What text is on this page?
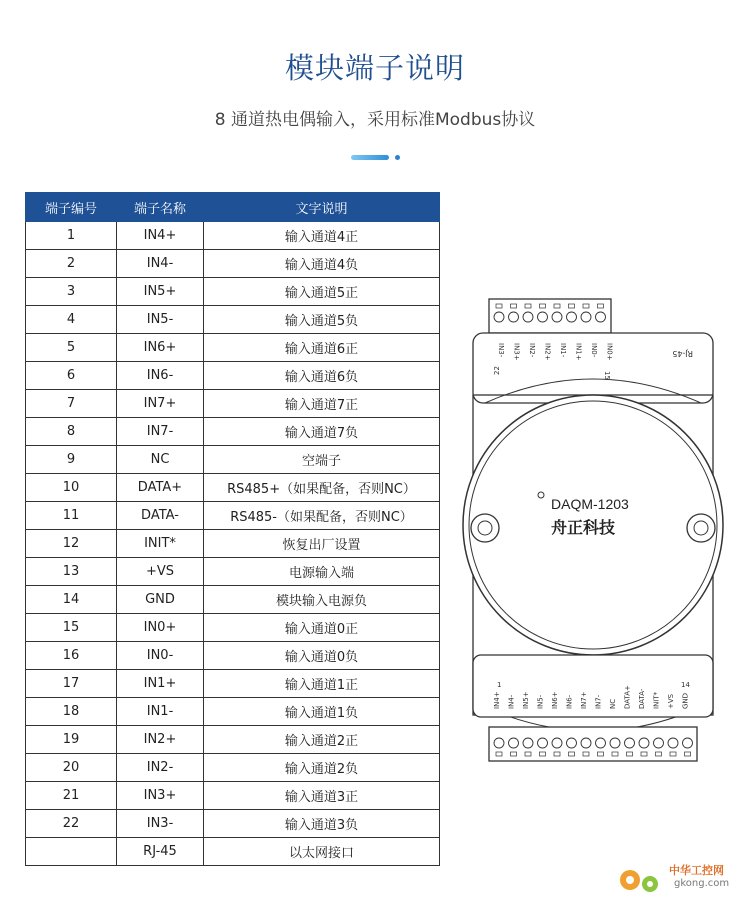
模块端子说明
8 通道热电偶输入，采用标准Modbus协议
端子编号	端子名称	文字说明
1	IN4+	输入通道4正
2	IN4-	输入通道4负
3	IN5+	输入通道5正
4	IN5-	输入通道5负
5	IN6+	输入通道6正
6	IN6-	输入通道6负
7	IN7+	输入通道7正
8	IN7-	输入通道7负
9	NC	空端子
10	DATA+	RS485+（如果配备，否则NC）
11	DATA-	RS485-（如果配备，否则NC）
12	INIT*	恢复出厂设置
13	+VS	电源输入端
14	GND	模块输入电源负
15	IN0+	输入通道0正
16	IN0-	输入通道0负
17	IN1+	输入通道1正
18	IN1-	输入通道1负
19	IN2+	输入通道2正
20	IN2-	输入通道2负
21	IN3+	输入通道3正
22	IN3-	输入通道3负
	RJ-45	以太网接口
IN3- IN3+ IN2- IN2+ IN1- IN1+ IN0- IN0+	RJ-45
22
15
DAQM-1203
舟正科技
IN4+ IN4- IN5+ IN5- IN6+ IN6- IN7+ IN7- NC DATA+ DATA- INIT* +VS GND
1	14
中华工控网
gkong.com
